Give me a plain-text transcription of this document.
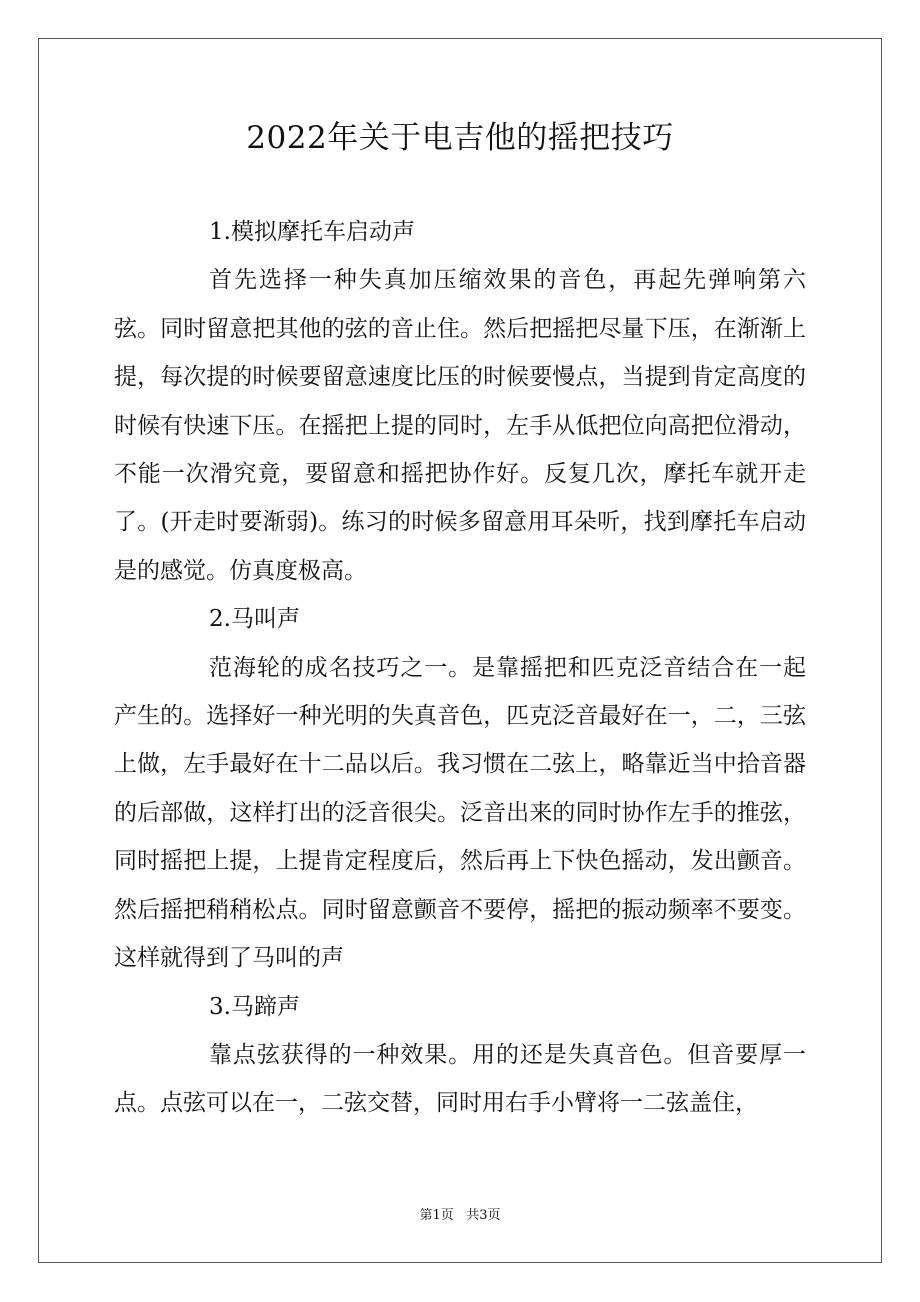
2022年关于电吉他的摇把技巧

1.模拟摩托车启动声

首先选择一种失真加压缩效果的音色，再起先弹响第六弦。同时留意把其他的弦的音止住。然后把摇把尽量下压，在渐渐上提，每次提的时候要留意速度比压的时候要慢点，当提到肯定高度的时候有快速下压。在摇把上提的同时，左手从低把位向高把位滑动，不能一次滑究竟，要留意和摇把协作好。反复几次，摩托车就开走了。(开走时要渐弱)。练习的时候多留意用耳朵听，找到摩托车启动是的感觉。仿真度极高。

2.马叫声

范海轮的成名技巧之一。是靠摇把和匹克泛音结合在一起产生的。选择好一种光明的失真音色，匹克泛音最好在一，二，三弦上做，左手最好在十二品以后。我习惯在二弦上，略靠近当中拾音器的后部做，这样打出的泛音很尖。泛音出来的同时协作左手的推弦，同时摇把上提，上提肯定程度后，然后再上下快色摇动，发出颤音。然后摇把稍稍松点。同时留意颤音不要停，摇把的振动频率不要变。这样就得到了马叫的声

3.马蹄声

靠点弦获得的一种效果。用的还是失真音色。但音要厚一点。点弦可以在一，二弦交替，同时用右手小臂将一二弦盖住，

第1页 共3页
